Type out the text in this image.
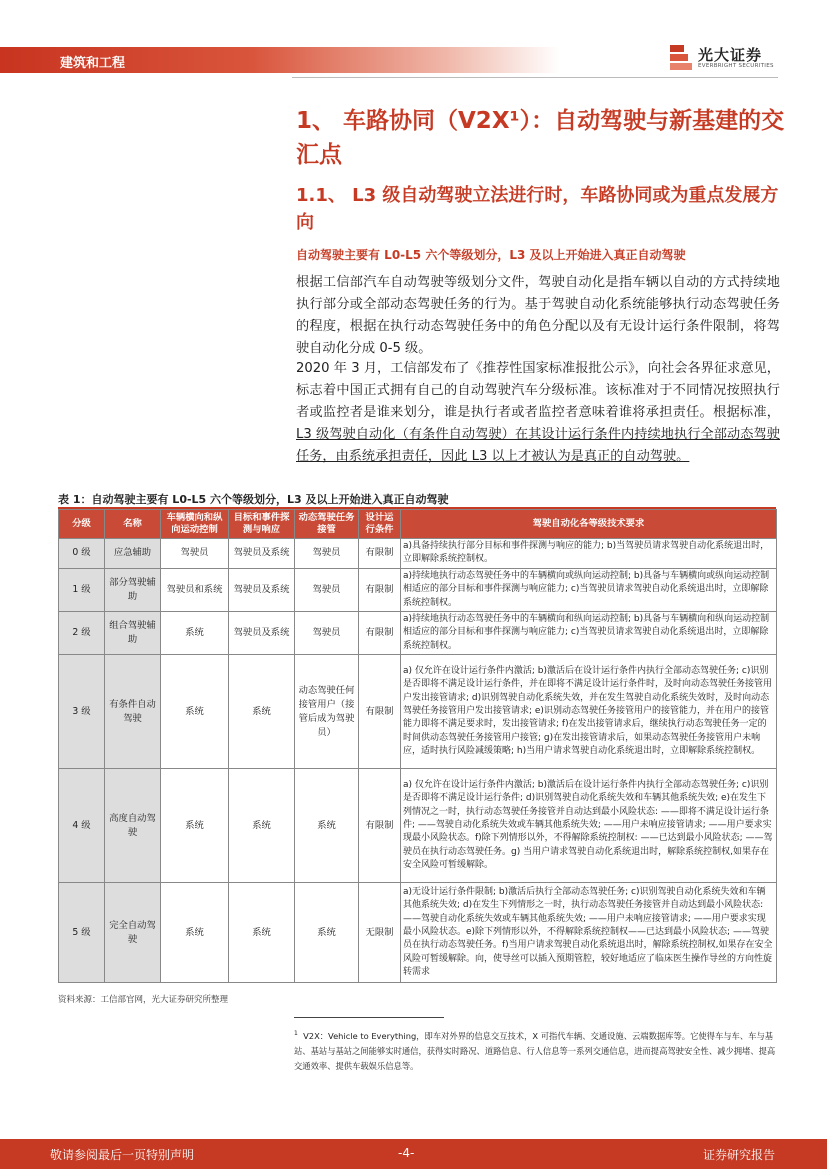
建筑和工程	光大证券
EVERBRIGHT SECURITIES
1、 车路协同（V2X¹）：自动驾驶与新基建的交汇点
1.1、 L3 级自动驾驶立法进行时，车路协同或为重点发展方向
自动驾驶主要有 L0-L5 六个等级划分，L3 及以上开始进入真正自动驾驶
根据工信部汽车自动驾驶等级划分文件，驾驶自动化是指车辆以自动的方式持续地执行部分或全部动态驾驶任务的行为。基于驾驶自动化系统能够执行动态驾驶任务的程度，根据在执行动态驾驶任务中的角色分配以及有无设计运行条件限制，将驾驶自动化分成 0-5 级。
2020 年 3 月，工信部发布了《推荐性国家标准报批公示》，向社会各界征求意见，标志着中国正式拥有自己的自动驾驶汽车分级标准。该标准对于不同情况按照执行者或监控者是谁来划分，谁是执行者或者监控者意味着谁将承担责任。根据标准，L3 级驾驶自动化（有条件自动驾驶）在其设计运行条件内持续地执行全部动态驾驶任务，由系统承担责任，因此 L3 以上才被认为是真正的自动驾驶。
表 1：自动驾驶主要有 L0-L5 六个等级划分，L3 及以上开始进入真正自动驾驶
分级	名称	车辆横向和纵向运动控制	目标和事件探测与响应	动态驾驶任务接管	设计运行条件	驾驶自动化各等级技术要求
0 级	应急辅助	驾驶员	驾驶员及系统	驾驶员	有限制	a)具备持续执行部分目标和事件探测与响应的能力; b)当驾驶员请求驾驶自动化系统退出时，立即解除系统控制权。
1 级	部分驾驶辅助	驾驶员和系统	驾驶员及系统	驾驶员	有限制	a)持续地执行动态驾驶任务中的车辆横向或纵向运动控制; b)具备与车辆横向或纵向运动控制相适应的部分目标和事件探测与响应能力; c)当驾驶员请求驾驶自动化系统退出时，立即解除系统控制权。
2 级	组合驾驶辅助	系统	驾驶员及系统	驾驶员	有限制	a)持续地执行动态驾驶任务中的车辆横向和纵向运动控制; b)具备与车辆横向和纵向运动控制相适应的部分目标和事件探测与响应能力; c)当驾驶员请求驾驶自动化系统退出时，立即解除系统控制权。
3 级	有条件自动驾驶	系统	系统	动态驾驶任何接管用户（接管后成为驾驶员）	有限制	a) 仅允许在设计运行条件内激活; b)激活后在设计运行条件内执行全部动态驾驶任务; c)识别是否即将不满足设计运行条件，并在即将不满足设计运行条件时，及时向动态驾驶任务接管用户发出接管请求; d)识别驾驶自动化系统失效，并在发生驾驶自动化系统失效时，及时向动态驾驶任务接管用户发出接管请求; e)识别动态驾驶任务接管用户的接管能力，并在用户的接管能力即将不满足要求时，发出接管请求; f)在发出接管请求后，继续执行动态驾驶任务一定的时间供动态驾驶任务接管用户接管; g)在发出接管请求后，如果动态驾驶任务接管用户未响应，适时执行风险减缓策略; h)当用户请求驾驶自动化系统退出时，立即解除系统控制权。
4 级	高度自动驾驶	系统	系统	系统	有限制	a) 仅允许在设计运行条件内激活; b)激活后在设计运行条件内执行全部动态驾驶任务; c)识别是否即将不满足设计运行条件; d)识别驾驶自动化系统失效和车辆其他系统失效; e)在发生下列情况之一时，执行动态驾驶任务接管并自动达到最小风险状态: ——即将不满足设计运行条件; ——驾驶自动化系统失效或车辆其他系统失效; ——用户未响应接管请求; ——用户要求实现最小风险状态。f)除下列情形以外，不得解除系统控制权: ——已达到最小风险状态; ——驾驶员在执行动态驾驶任务。g) 当用户请求驾驶自动化系统退出时，解除系统控制权,如果存在安全风险可暂缓解除。
5 级	完全自动驾驶	系统	系统	系统	无限制	a)无设计运行条件限制; b)激活后执行全部动态驾驶任务; c)识别驾驶自动化系统失效和车辆其他系统失效; d)在发生下列情形之一时，执行动态驾驶任务接管并自动达到最小风险状态: ——驾驶自动化系统失效或车辆其他系统失效; ——用户未响应接管请求; ——用户要求实现最小风险状态。e)除下列情形以外，不得解除系统控制权——已达到最小风险状态; ——驾驶员在执行动态驾驶任务。f)当用户请求驾驶自动化系统退出时，解除系统控制权,如果存在安全风险可暂缓解除。向，使导丝可以插入预期管腔，较好地适应了临床医生操作导丝的方向性旋转需求
资料来源：工信部官网，光大证券研究所整理
$^1$ V2X：Vehicle to Everything，即车对外界的信息交互技术，X 可指代车辆、交通设施、云端数据库等。它使得车与车、车与基站、基站与基站之间能够实时通信，获得实时路况、道路信息、行人信息等一系列交通信息，进而提高驾驶安全性、减少拥堵、提高交通效率、提供车载娱乐信息等。
敬请参阅最后一页特别声明	-4-	证券研究报告
